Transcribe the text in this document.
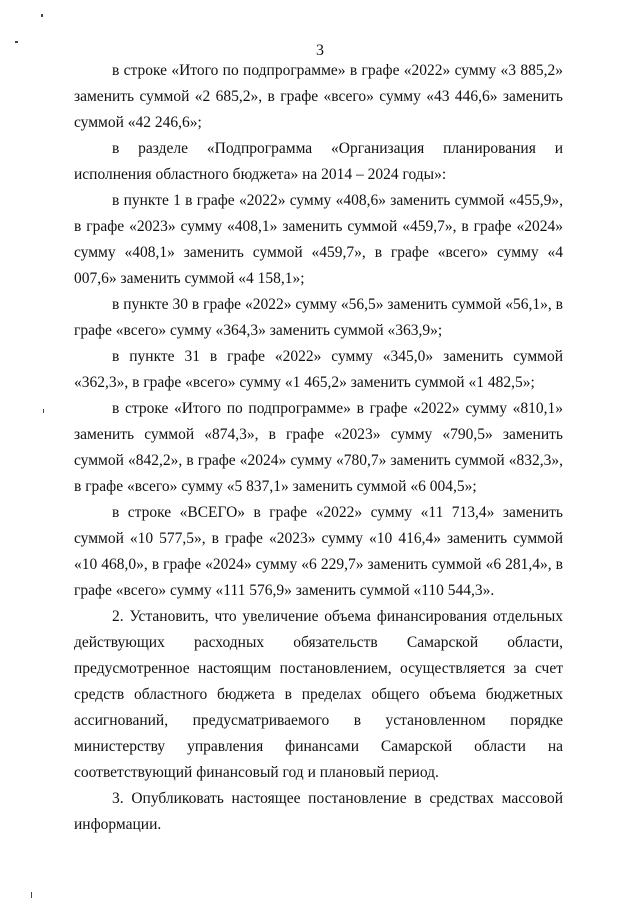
3

в строке «Итого по подпрограмме» в графе «2022» сумму «3 885,2» заменить суммой «2 685,2», в графе «всего» сумму «43 446,6» заменить суммой «42 246,6»;

в разделе «Подпрограмма «Организация планирования и исполнения областного бюджета» на 2014 – 2024 годы»:

в пункте 1 в графе «2022» сумму «408,6» заменить суммой «455,9», в графе «2023» сумму «408,1» заменить суммой «459,7», в графе «2024» сумму «408,1» заменить суммой «459,7», в графе «всего» сумму «4 007,6» заменить суммой «4 158,1»;

в пункте 30 в графе «2022» сумму «56,5» заменить суммой «56,1», в графе «всего» сумму «364,3» заменить суммой «363,9»;

в пункте 31 в графе «2022» сумму «345,0» заменить суммой «362,3», в графе «всего» сумму «1 465,2» заменить суммой «1 482,5»;

в строке «Итого по подпрограмме» в графе «2022» сумму «810,1» заменить суммой «874,3», в графе «2023» сумму «790,5» заменить суммой «842,2», в графе «2024» сумму «780,7» заменить суммой «832,3», в графе «всего» сумму «5 837,1» заменить суммой «6 004,5»;

в строке «ВСЕГО» в графе «2022» сумму «11 713,4» заменить суммой «10 577,5», в графе «2023» сумму «10 416,4» заменить суммой «10 468,0», в графе «2024» сумму «6 229,7» заменить суммой «6 281,4», в графе «всего» сумму «111 576,9» заменить суммой «110 544,3».

2. Установить, что увеличение объема финансирования отдельных действующих расходных обязательств Самарской области, предусмотренное настоящим постановлением, осуществляется за счет средств областного бюджета в пределах общего объема бюджетных ассигнований, предусматриваемого в установленном порядке министерству управления финансами Самарской области на соответствующий финансовый год и плановый период.

3. Опубликовать настоящее постановление в средствах массовой информации.
